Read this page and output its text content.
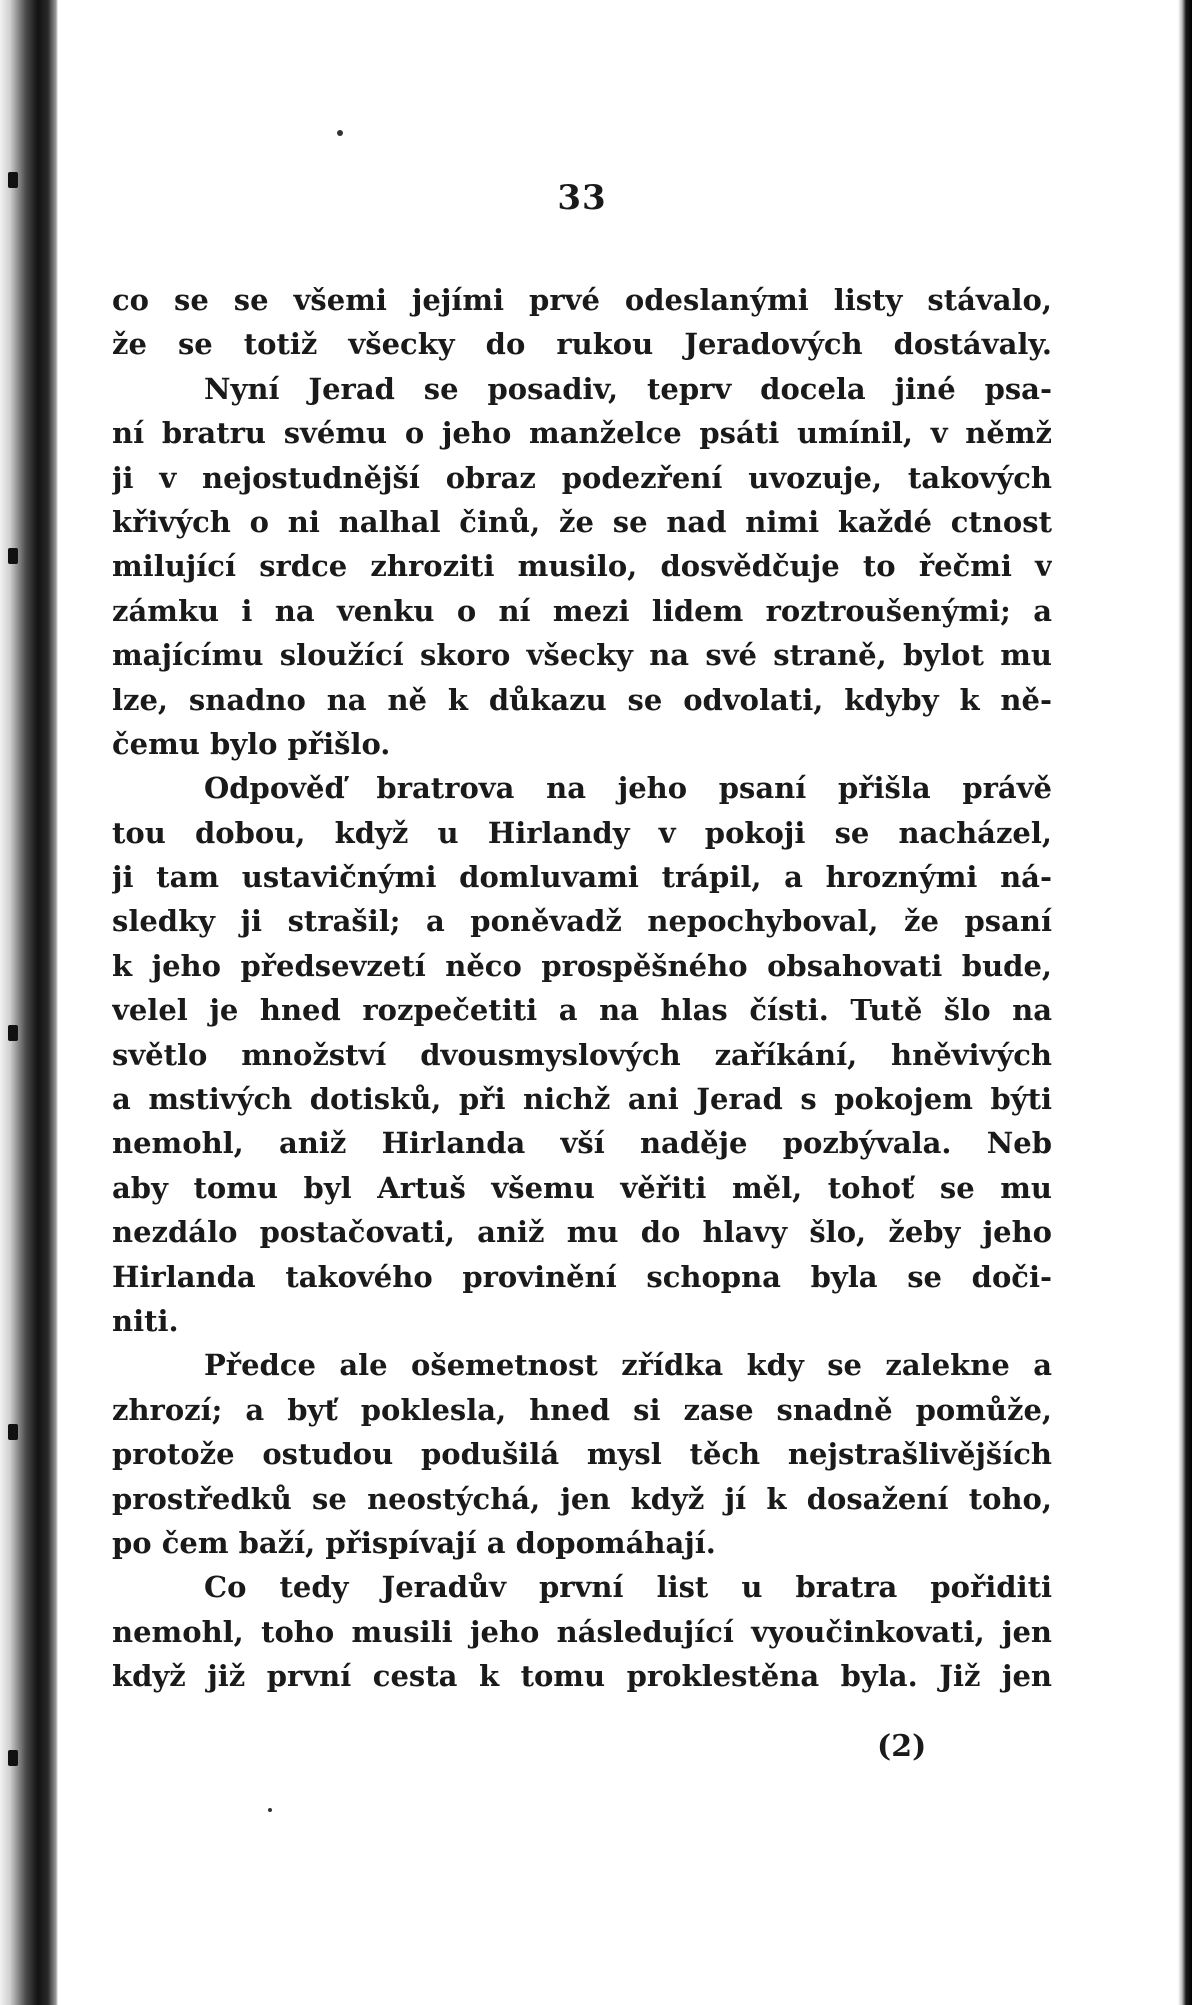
33
co se se všemi jejími prvé odeslanými listy stávalo,
že se totiž všecky do rukou Jeradových dostávaly.
Nyní Jerad se posadiv, teprv docela jiné psa-
ní bratru svému o jeho manželce psáti umínil, v němž
ji v nejostudnější obraz podezření uvozuje, takových
křivých o ni nalhal činů, že se nad nimi každé ctnost
milující srdce zhroziti musilo, dosvědčuje to řečmi v
zámku i na venku o ní mezi lidem roztroušenými; a
majícímu sloužící skoro všecky na své straně, bylot mu
lze, snadno na ně k důkazu se odvolati, kdyby k ně-
čemu bylo přišlo.
Odpověď bratrova na jeho psaní přišla právě
tou dobou, když u Hirlandy v pokoji se nacházel,
ji tam ustavičnými domluvami trápil, a hroznými ná-
sledky ji strašil; a poněvadž nepochyboval, že psaní
k jeho předsevzetí něco prospěšného obsahovati bude,
velel je hned rozpečetiti a na hlas čísti. Tutě šlo na
světlo množství dvousmyslových zaříkání, hněvivých
a mstivých dotisků, při nichž ani Jerad s pokojem býti
nemohl, aniž Hirlanda vší naděje pozbývala. Neb
aby tomu byl Artuš všemu věřiti měl, tohoť se mu
nezdálo postačovati, aniž mu do hlavy šlo, žeby jeho
Hirlanda takového provinění schopna byla se doči-
niti.
Předce ale ošemetnost zřídka kdy se zalekne a
zhrozí; a byť poklesla, hned si zase snadně pomůže,
protože ostudou podušilá mysl těch nejstrašlivějších
prostředků se neostýchá, jen když jí k dosažení toho,
po čem baží, přispívají a dopomáhají.
Co tedy Jeradův první list u bratra pořiditi
nemohl, toho musili jeho následující vyoučinkovati, jen
když již první cesta k tomu proklestěna byla. Již jen
(2)
